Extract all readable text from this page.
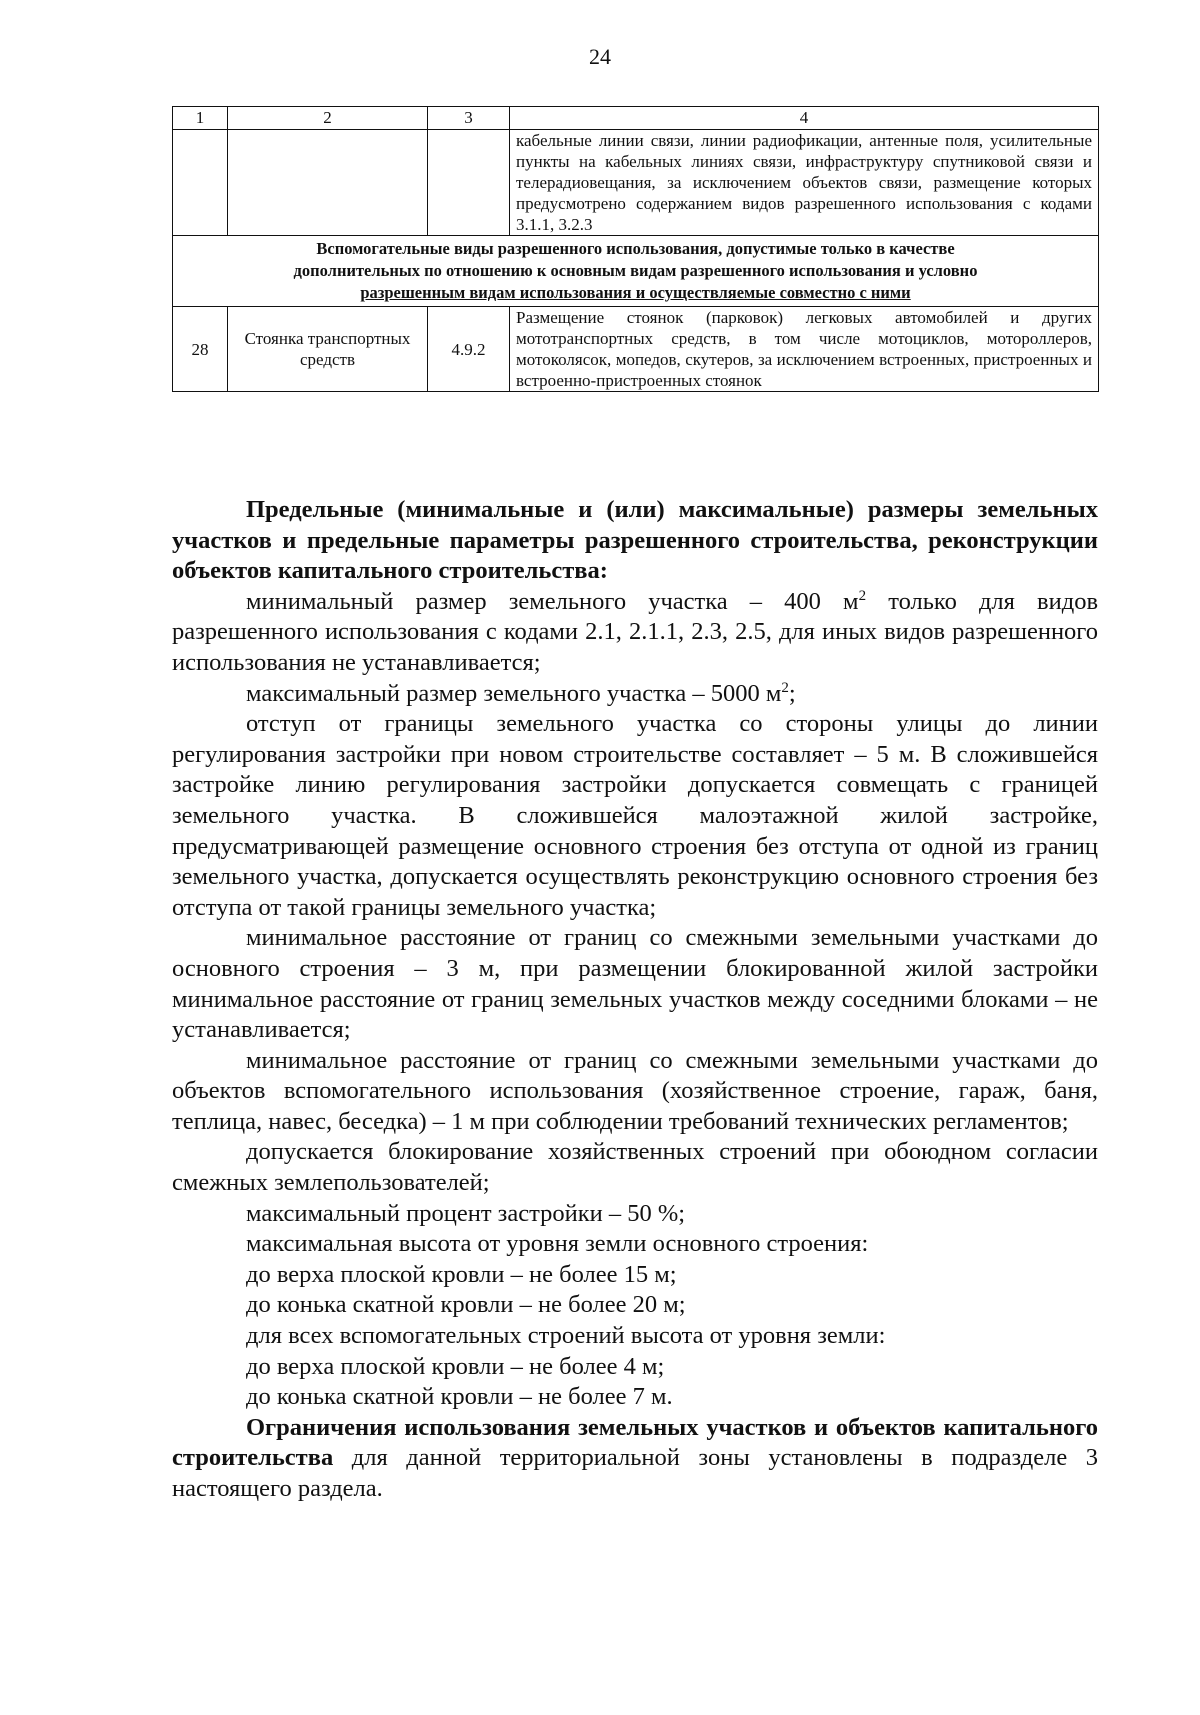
24
1	2	3	4
			кабельные линии связи, линии радиофикации, антенные поля, усилительные пункты на кабельных линиях связи, инфраструктуру спутниковой связи и телерадиовещания, за исключением объектов связи, размещение которых предусмотрено содержанием видов разрешенного использования с кодами 3.1.1, 3.2.3
Вспомогательные виды разрешенного использования, допустимые только в качестве
дополнительных по отношению к основным видам разрешенного использования и условно
разрешенным видам использования и осуществляемые совместно с ними			
28	Стоянка транспортных средств	4.9.2	Размещение стоянок (парковок) легковых автомобилей и других мототранспортных средств, в том числе мотоциклов, мотороллеров, мотоколясок, мопедов, скутеров, за исключением встроенных, пристроенных и встроенно-пристроенных стоянок

Предельные (минимальные и (или) максимальные) размеры земельных участков и предельные параметры разрешенного строительства, реконструкции объектов капитального строительства:

минимальный размер земельного участка – 400 $м^2$ только для видов разрешенного использования с кодами 2.1, 2.1.1, 2.3, 2.5, для иных видов разрешенного использования не устанавливается;

максимальный размер земельного участка – 5000 $м^2$;

отступ от границы земельного участка со стороны улицы до линии регулирования застройки при новом строительстве составляет – 5 м. В сложившейся застройке линию регулирования застройки допускается совмещать с границей земельного участка. В сложившейся малоэтажной жилой застройке, предусматривающей размещение основного строения без отступа от одной из границ земельного участка, допускается осуществлять реконструкцию основного строения без отступа от такой границы земельного участка;

минимальное расстояние от границ со смежными земельными участками до основного строения – 3 м, при размещении блокированной жилой застройки минимальное расстояние от границ земельных участков между соседними блоками – не устанавливается;

минимальное расстояние от границ со смежными земельными участками до объектов вспомогательного использования (хозяйственное строение, гараж, баня, теплица, навес, беседка) – 1 м при соблюдении требований технических регламентов;

допускается блокирование хозяйственных строений при обоюдном согласии смежных землепользователей;

максимальный процент застройки – 50 %;

максимальная высота от уровня земли основного строения:

до верха плоской кровли – не более 15 м;

до конька скатной кровли – не более 20 м;

для всех вспомогательных строений высота от уровня земли:

до верха плоской кровли – не более 4 м;

до конька скатной кровли – не более 7 м.

Ограничения использования земельных участков и объектов капитального строительства для данной территориальной зоны установлены в подразделе 3 настоящего раздела.
